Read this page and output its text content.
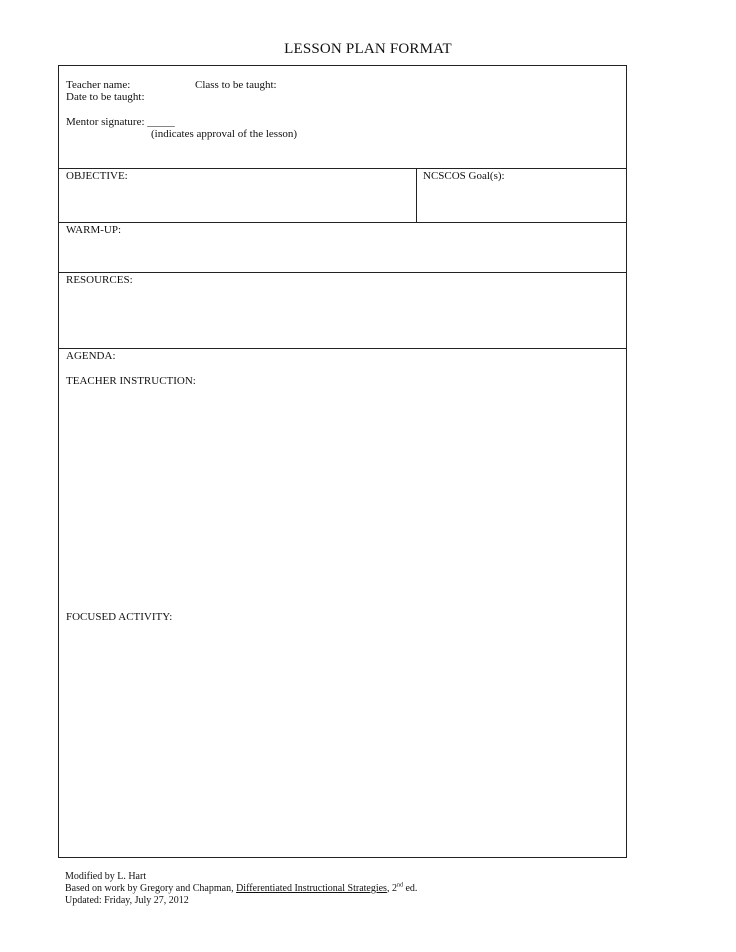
LESSON PLAN FORMAT
Teacher name:	Class to be taught:
Date to be taught:
Mentor signature: _____
(indicates approval of the lesson)
OBJECTIVE:	NCSCOS Goal(s):
WARM-UP:
RESOURCES:
AGENDA:
TEACHER INSTRUCTION:
FOCUSED ACTIVITY:
Modified by L. Hart
Based on work by Gregory and Chapman, Differentiated Instructional Strategies, 2nd ed.
Updated: Friday, July 27, 2012
